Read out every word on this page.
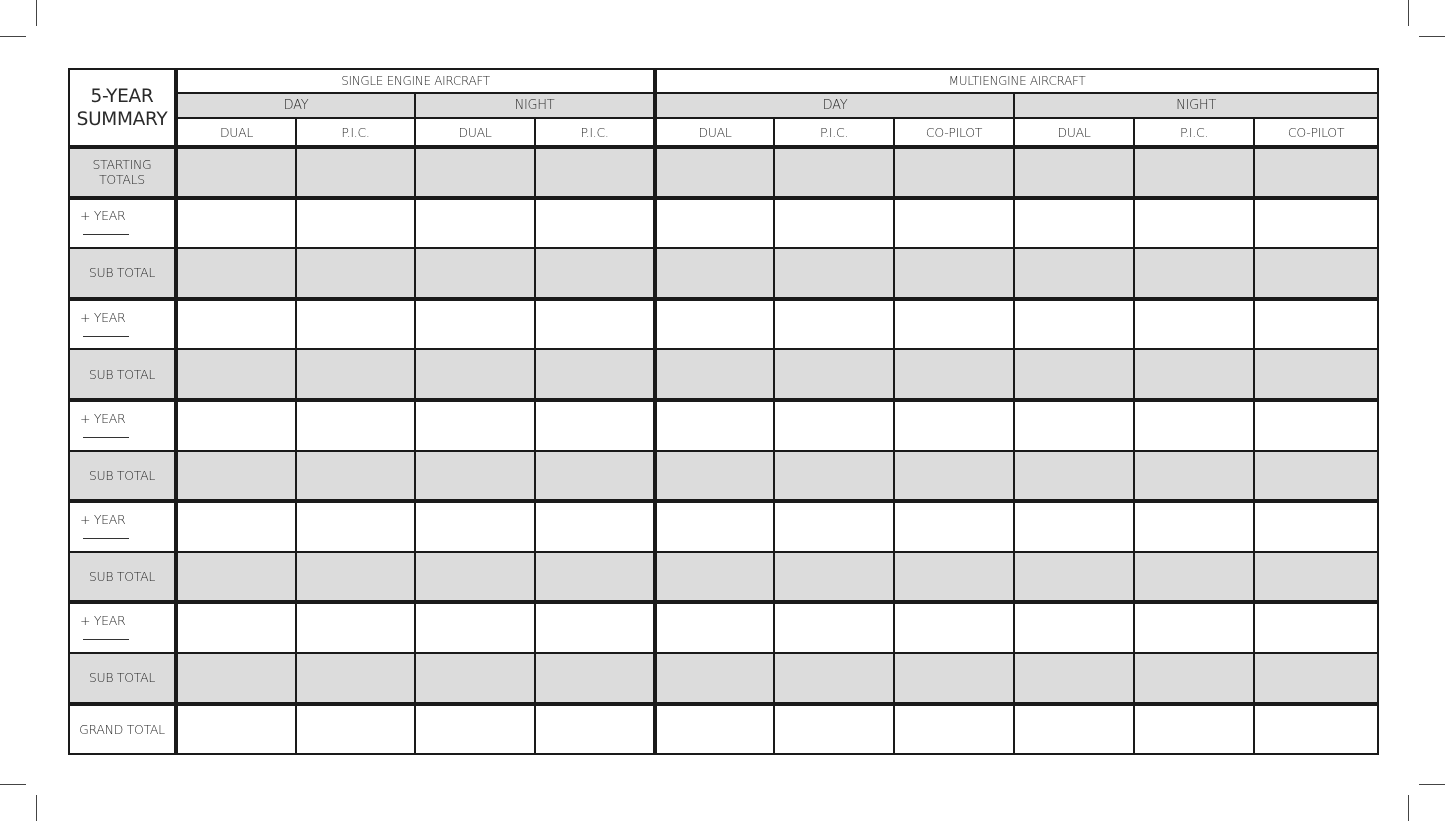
5-YEAR
SUMMARY	SINGLE ENGINE AIRCRAFT				MULTIENGINE AIRCRAFT					
	DAY		NIGHT		DAY			NIGHT		
	DUAL	P.I.C.	DUAL	P.I.C.	DUAL	P.I.C.	CO-PILOT	DUAL	P.I.C.	CO-PILOT
STARTING TOTALS										
+ YEAR										
SUB TOTAL										
+ YEAR										
SUB TOTAL										
+ YEAR										
SUB TOTAL										
+ YEAR										
SUB TOTAL										
+ YEAR										
SUB TOTAL										
GRAND TOTAL										
